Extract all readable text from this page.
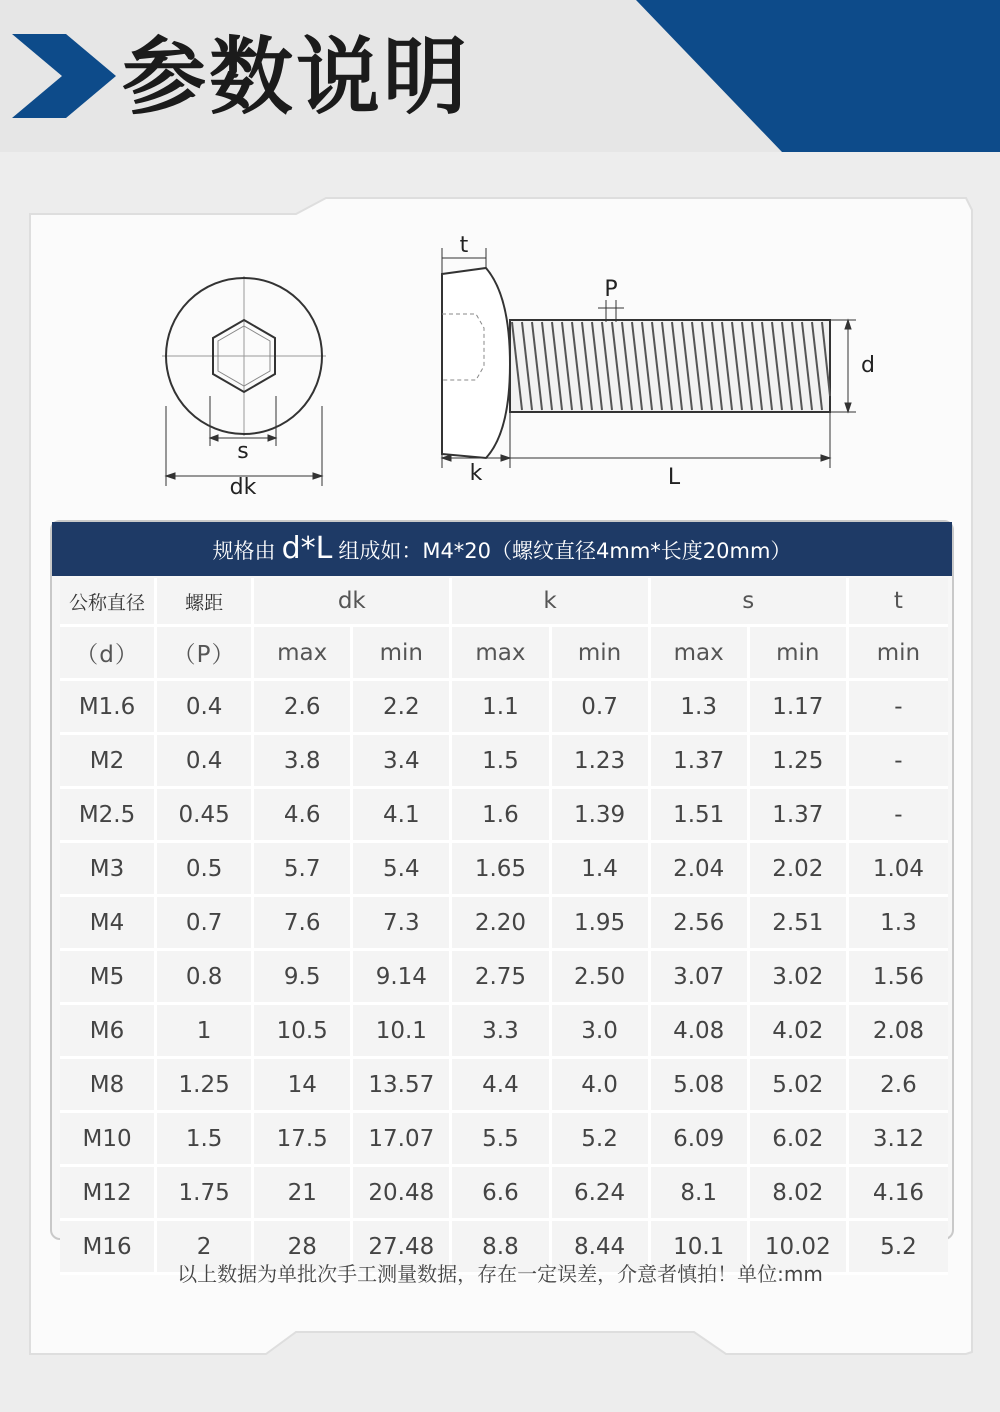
参数说明
s
dk
t
P
d
k	L
规格由 d*L 组成如：M4*20（螺纹直径4mm*长度20mm）
公称直径	螺距	dk		k		s		t
（d）	（P）	max	min	max	min	max	min	min
M1.6	0.4	2.6	2.2	1.1	0.7	1.3	1.17	-
M2	0.4	3.8	3.4	1.5	1.23	1.37	1.25	-
M2.5	0.45	4.6	4.1	1.6	1.39	1.51	1.37	-
M3	0.5	5.7	5.4	1.65	1.4	2.04	2.02	1.04
M4	0.7	7.6	7.3	2.20	1.95	2.56	2.51	1.3
M5	0.8	9.5	9.14	2.75	2.50	3.07	3.02	1.56
M6	1	10.5	10.1	3.3	3.0	4.08	4.02	2.08
M8	1.25	14	13.57	4.4	4.0	5.08	5.02	2.6
M10	1.5	17.5	17.07	5.5	5.2	6.09	6.02	3.12
M12	1.75	21	20.48	6.6	6.24	8.1	8.02	4.16
M16	2	28	27.48	8.8	8.44	10.1	10.02	5.2
以上数据为单批次手工测量数据，存在一定误差，介意者慎拍！单位:mm
